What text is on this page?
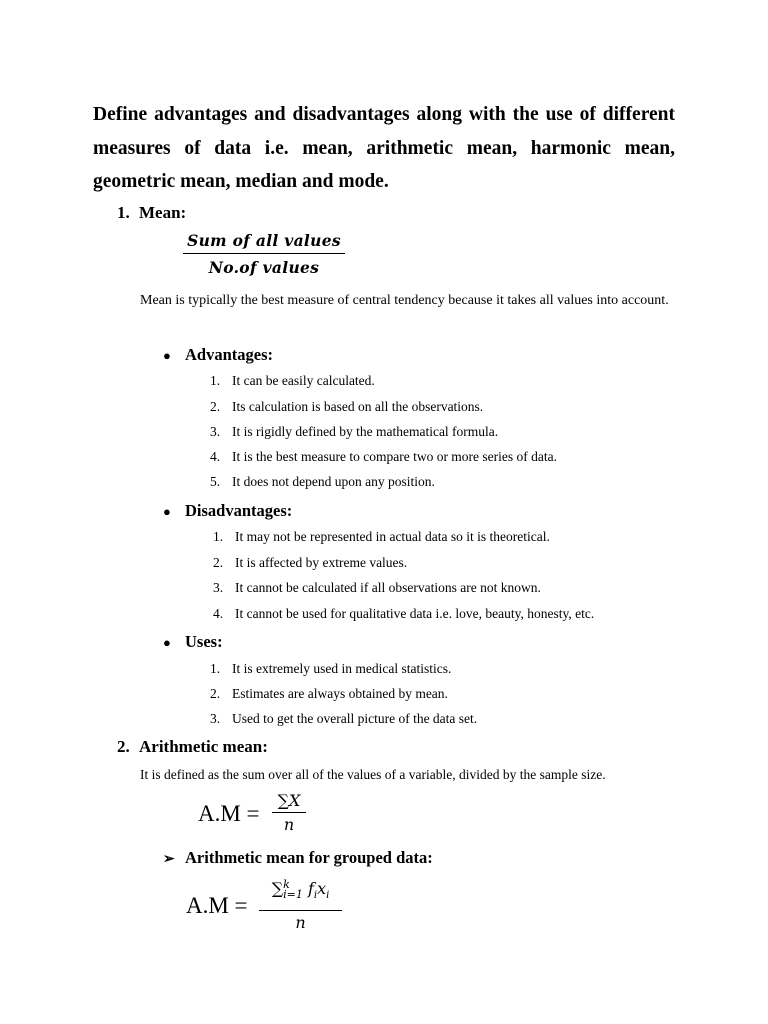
Define advantages and disadvantages along with the use of different measures of data i.e. mean, arithmetic mean, harmonic mean, geometric mean, median and mode.
1. Mean:
Sum of all values
No.of values
Mean is typically the best measure of central tendency because it takes all values into account.
● Advantages:
1. It can be easily calculated.
2. Its calculation is based on all the observations.
3. It is rigidly defined by the mathematical formula.
4. It is the best measure to compare two or more series of data.
5. It does not depend upon any position.
● Disadvantages:
1. It may not be represented in actual data so it is theoretical.
2. It is affected by extreme values.
3. It cannot be calculated if all observations are not known.
4. It cannot be used for qualitative data i.e. love, beauty, honesty, etc.
● Uses:
1. It is extremely used in medical statistics.
2. Estimates are always obtained by mean.
3. Used to get the overall picture of the data set.
2. Arithmetic mean:
It is defined as the sum over all of the values of a variable, divided by the sample size.
A.M =
∑X
n
➢ Arithmetic mean for grouped data:
A.M =
∑ k
i=1 $f_ix_i$
n
